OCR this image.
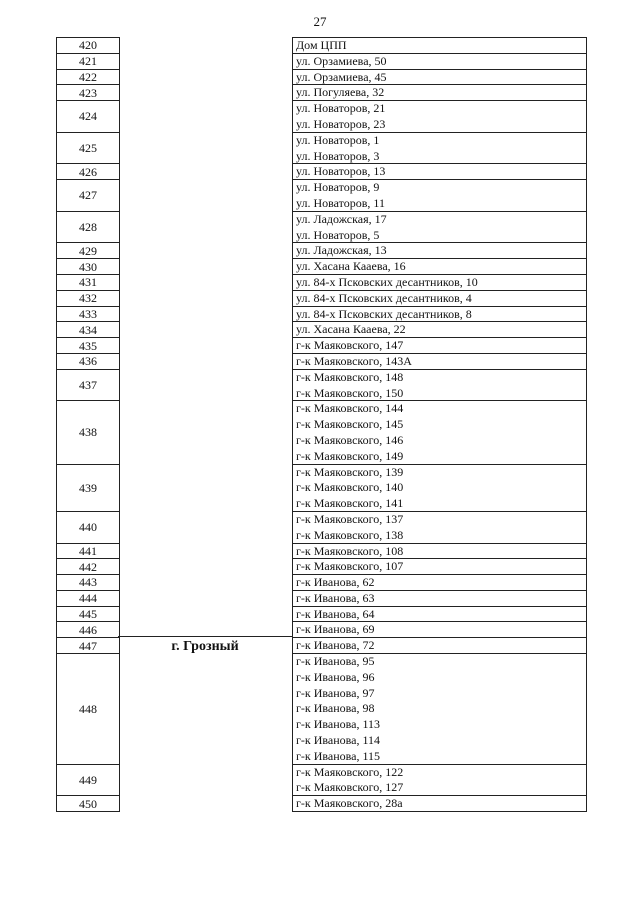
27
420
421
422
423
424
425
426
427
428
429
430
431
432
433
434
435
436
437
438
439
440
441
442
443
444
445
446
447
448
449
450
Дом ЦПП
ул. Орзамиева, 50
ул. Орзамиева, 45
ул. Погуляева, 32
ул. Новаторов, 21
ул. Новаторов, 23
ул. Новаторов, 1
ул. Новаторов, 3
ул. Новаторов, 13
ул. Новаторов, 9
ул. Новаторов, 11
ул. Ладожская, 17
ул. Новаторов, 5
ул. Ладожская, 13
ул. Хасана Кааева, 16
ул. 84-х Псковских десантников, 10
ул. 84-х Псковских десантников, 4
ул. 84-х Псковских десантников, 8
ул. Хасана Кааева, 22
г-к Маяковского, 147
г-к Маяковского, 143А
г-к Маяковского, 148
г-к Маяковского, 150
г-к Маяковского, 144
г-к Маяковского, 145
г-к Маяковского, 146
г-к Маяковского, 149
г-к Маяковского, 139
г-к Маяковского, 140
г-к Маяковского, 141
г-к Маяковского, 137
г-к Маяковского, 138
г-к Маяковского, 108
г-к Маяковского, 107
г-к Иванова, 62
г-к Иванова, 63
г-к Иванова, 64
г-к Иванова, 69
г-к Иванова, 72
г-к Иванова, 95
г-к Иванова, 96
г-к Иванова, 97
г-к Иванова, 98
г-к Иванова, 113
г-к Иванова, 114
г-к Иванова, 115
г-к Маяковского, 122
г-к Маяковского, 127
г-к Маяковского, 28а
г. Грозный
